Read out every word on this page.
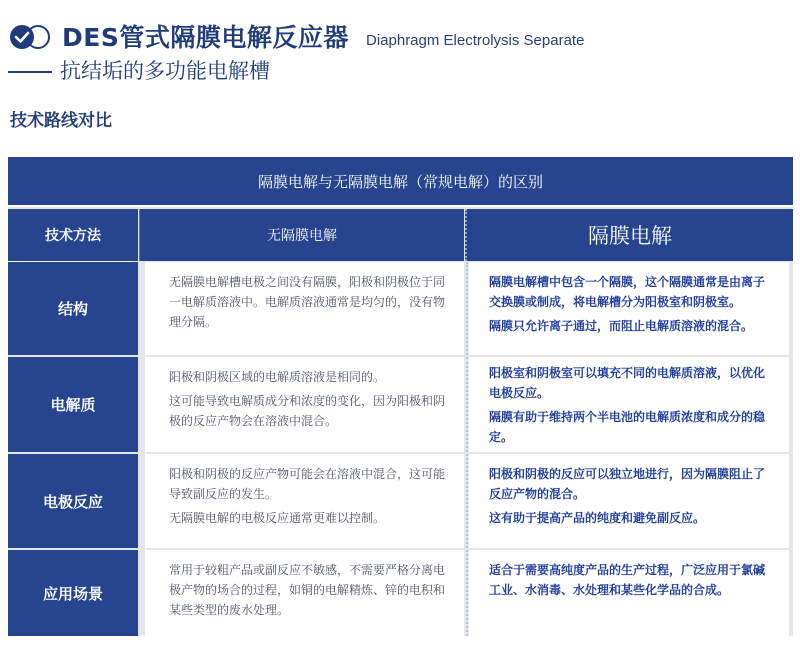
DES管式隔膜电解反应器 Diaphragm Electrolysis Separate
抗结垢的多功能电解槽
技术路线对比
隔膜电解与无隔膜电解（常规电解）的区别
技术方法	无隔膜电解	隔膜电解
结构

无隔膜电解槽电极之间没有隔膜，阳极和阴极位于同一电解质溶液中。电解质溶液通常是均匀的，没有物理分隔。

隔膜电解槽中包含一个隔膜，这个隔膜通常是由离子交换膜或制成，将电解槽分为阳极室和阴极室。

隔膜只允许离子通过，而阻止电解质溶液的混合。

电解质

阳极和阴极区域的电解质溶液是相同的。

这可能导致电解质成分和浓度的变化，因为阳极和阴极的反应产物会在溶液中混合。

阳极室和阴极室可以填充不同的电解质溶液，以优化电极反应。

隔膜有助于维持两个半电池的电解质浓度和成分的稳定。

电极反应

阳极和阴极的反应产物可能会在溶液中混合，这可能导致副反应的发生。

无隔膜电解的电极反应通常更难以控制。

阳极和阴极的反应可以独立地进行，因为隔膜阻止了反应产物的混合。

这有助于提高产品的纯度和避免副反应。

应用场景

常用于较粗产品或副反应不敏感，不需要严格分离电极产物的场合的过程，如铜的电解精炼、锌的电积和某些类型的废水处理。

适合于需要高纯度产品的生产过程，广泛应用于氯碱工业、水消毒、水处理和某些化学品的合成。
